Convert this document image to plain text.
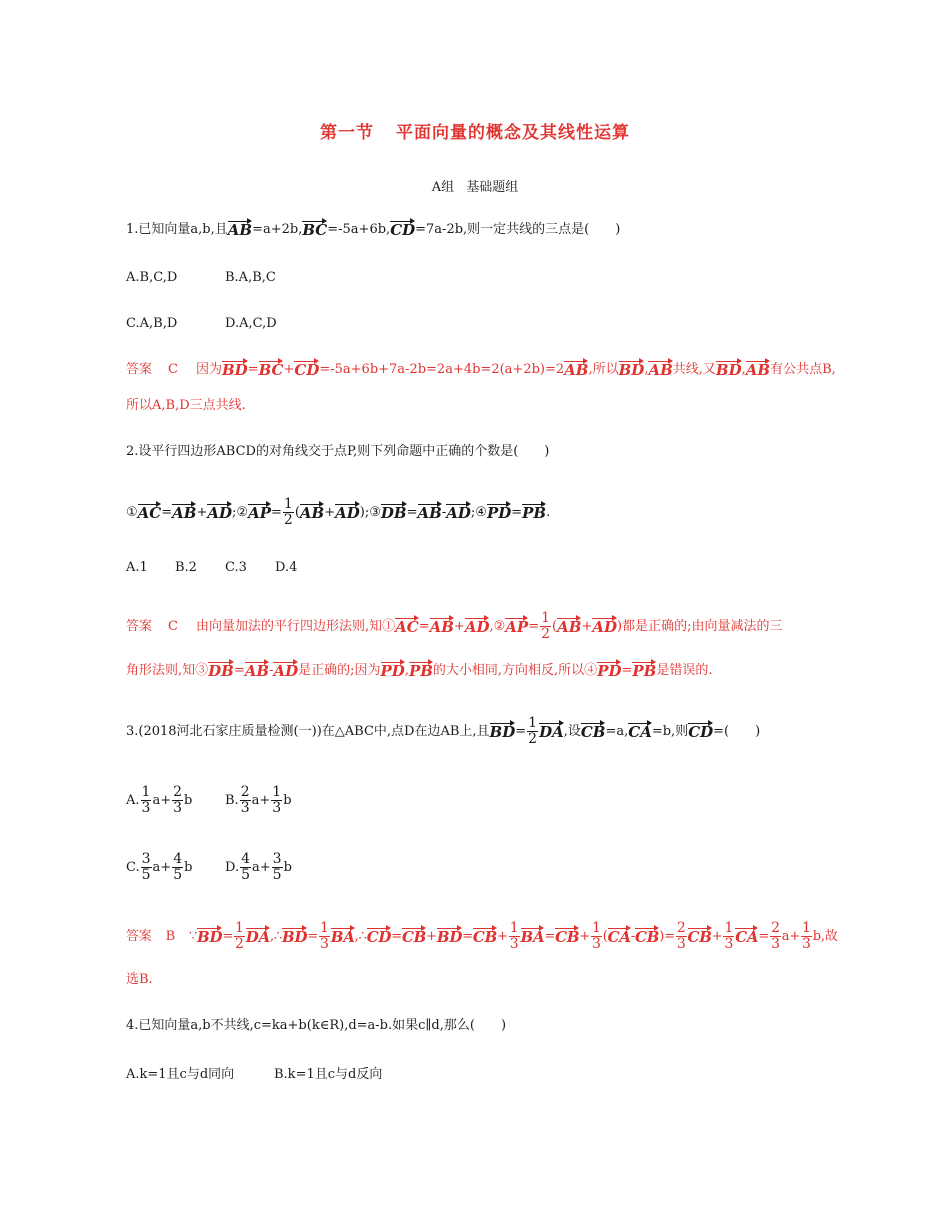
第一节 平面向量的概念及其线性运算
A组 基础题组
1.已知向量a,b,且AB=a+2b,BC=-5a+6b,CD=7a-2b,则一定共线的三点是(　　)
A.B,C,D	B.A,B,C
C.A,B,D	D.A,C,D
答案 C 因为BD=BC+CD=-5a+6b+7a-2b=2a+4b=2(a+2b)=2AB,所以BD,AB共线,又BD,AB有公共点B,
所以A,B,D三点共线.
2.设平行四边形ABCD的对角线交于点P,则下列命题中正确的个数是(　　)
①AC=AB+AD;②AP= $\frac{1}{2}$ (AB+AD);③DB=AB-AD;④PD=PB.
A.1 B.2 C.3 D.4
答案 C 由向量加法的平行四边形法则,知①AC=AB+AD,②AP= $\frac{1}{2} (AB+AD)$都是正确的;由向量减法的三
角形法则,知③DB=AB-AD是正确的;因为PD,PB的大小相同,方向相反,所以④PD=PB是错误的.
3.(2018河北石家庄质量检测(一))在△ABC中,点D在边AB上,且$BD= \frac{1}{2}$ DA,设CB=a,CA=b,则CD=(　　)
A. $\frac{1}{3} a+ \frac{2}{3}$ b	B. $\frac{2}{3} a+ \frac{1}{3}$ b
C. $\frac{3}{5} a+ \frac{4}{5}$ b	D. $\frac{4}{5} a+ \frac{3}{5}$ b
答案 B ∵BD= $\frac{1}{2}$ DA,∴BD= $\frac{1}{3}$ BA,∴CD=CB+BD=CB+ $\frac{1}{3} BA=CB+ \frac{1}{3} (CA-CB)= \frac{2}{3} CB+ \frac{1}{3} CA= \frac{2}{3} a+ \frac{1}{3} b$,故
选B.
4.已知向量a,b不共线,c=ka+b(k∈R),d=a-b.如果c∥d,那么(　　)
A.k=1且c与d同向	B.k=1且c与d反向
